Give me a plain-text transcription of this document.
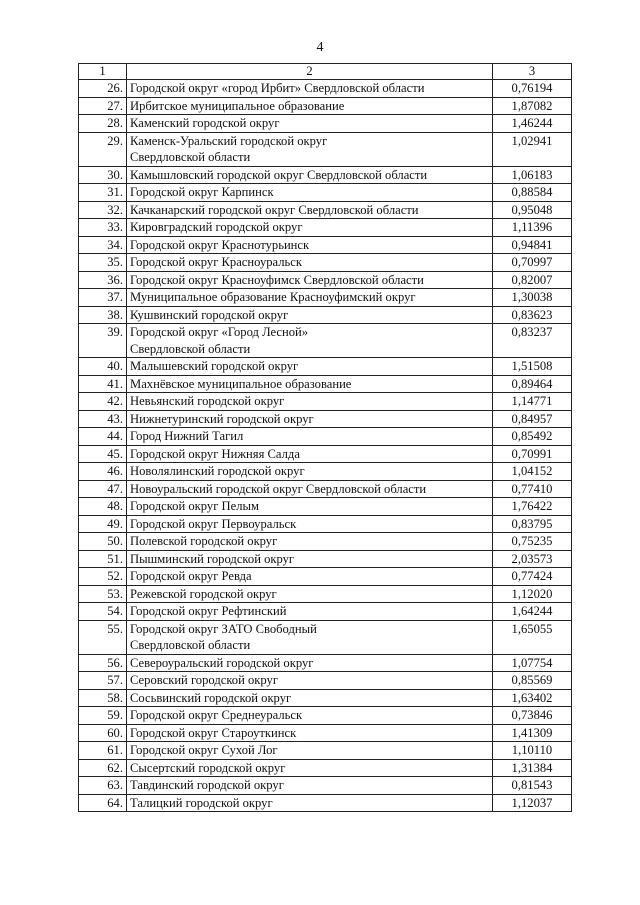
4
1	2	3
26.	Городской округ «город Ирбит» Свердловской области	0,76194
27.	Ирбитское муниципальное образование	1,87082
28.	Каменский городской округ	1,46244
29.	Каменск-Уральский городской округ
Свердловской области	1,02941
30.	Камышловский городской округ Свердловской области	1,06183
31.	Городской округ Карпинск	0,88584
32.	Качканарский городской округ Свердловской области	0,95048
33.	Кировградский городской округ	1,11396
34.	Городской округ Краснотурьинск	0,94841
35.	Городской округ Красноуральск	0,70997
36.	Городской округ Красноуфимск Свердловской области	0,82007
37.	Муниципальное образование Красноуфимский округ	1,30038
38.	Кушвинский городской округ	0,83623
39.	Городской округ «Город Лесной»
Свердловской области	0,83237
40.	Малышевский городской округ	1,51508
41.	Махнёвское муниципальное образование	0,89464
42.	Невьянский городской округ	1,14771
43.	Нижнетуринский городской округ	0,84957
44.	Город Нижний Тагил	0,85492
45.	Городской округ Нижняя Салда	0,70991
46.	Новолялинский городской округ	1,04152
47.	Новоуральский городской округ Свердловской области	0,77410
48.	Городской округ Пелым	1,76422
49.	Городской округ Первоуральск	0,83795
50.	Полевской городской округ	0,75235
51.	Пышминский городской округ	2,03573
52.	Городской округ Ревда	0,77424
53.	Режевской городской округ	1,12020
54.	Городской округ Рефтинский	1,64244
55.	Городской округ ЗАТО Свободный
Свердловской области	1,65055
56.	Североуральский городской округ	1,07754
57.	Серовский городской округ	0,85569
58.	Сосьвинский городской округ	1,63402
59.	Городской округ Среднеуральск	0,73846
60.	Городской округ Староуткинск	1,41309
61.	Городской округ Сухой Лог	1,10110
62.	Сысертский городской округ	1,31384
63.	Тавдинский городской округ	0,81543
64.	Талицкий городской округ	1,12037
